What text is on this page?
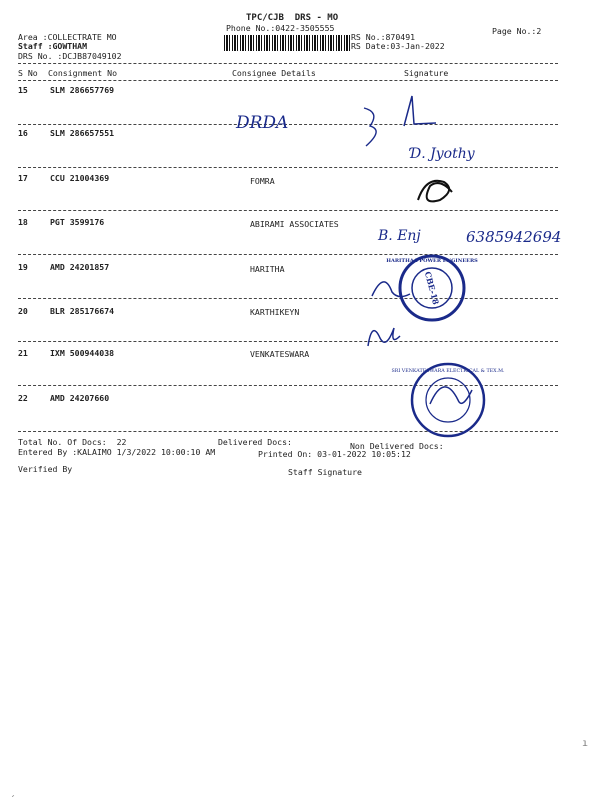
TPC/CJB  DRS - MO
Phone No.:0422-3505555	Page No.:2
Area :COLLECTRATE MO
Staff :GOWTHAM
DRS No. :DCJB87049102
RS No.:870491
RS Date:03-Jan-2022
S No Consignment No	Consignee Details	Signature
15	SLM 286657769
16	SLM 286657551
17	CCU 21004369	FOMRA
18	PGT 3599176	ABIRAMI ASSOCIATES
19	AMD 24201857	HARITHA
20	BLR 285176674	KARTHIKEYN
21	IXM 500944038	VENKATESWARA
22	AMD 24207660
Total No. Of Docs:  22	Delivered Docs:	Non Delivered Docs:
Entered By :KALAIMO 1/3/2022 10:00:10 AM	Printed On: 03-01-2022 10:05:12
Verified By	Staff Signature
DRDA
Ɗ. Jyothy
B. Enj	6385942694
CBE-18
HARITHAA POWER ENGINEERS
SRI VENKATESWARA ELECTRICAL & TEX.M.
ı
ˏ
